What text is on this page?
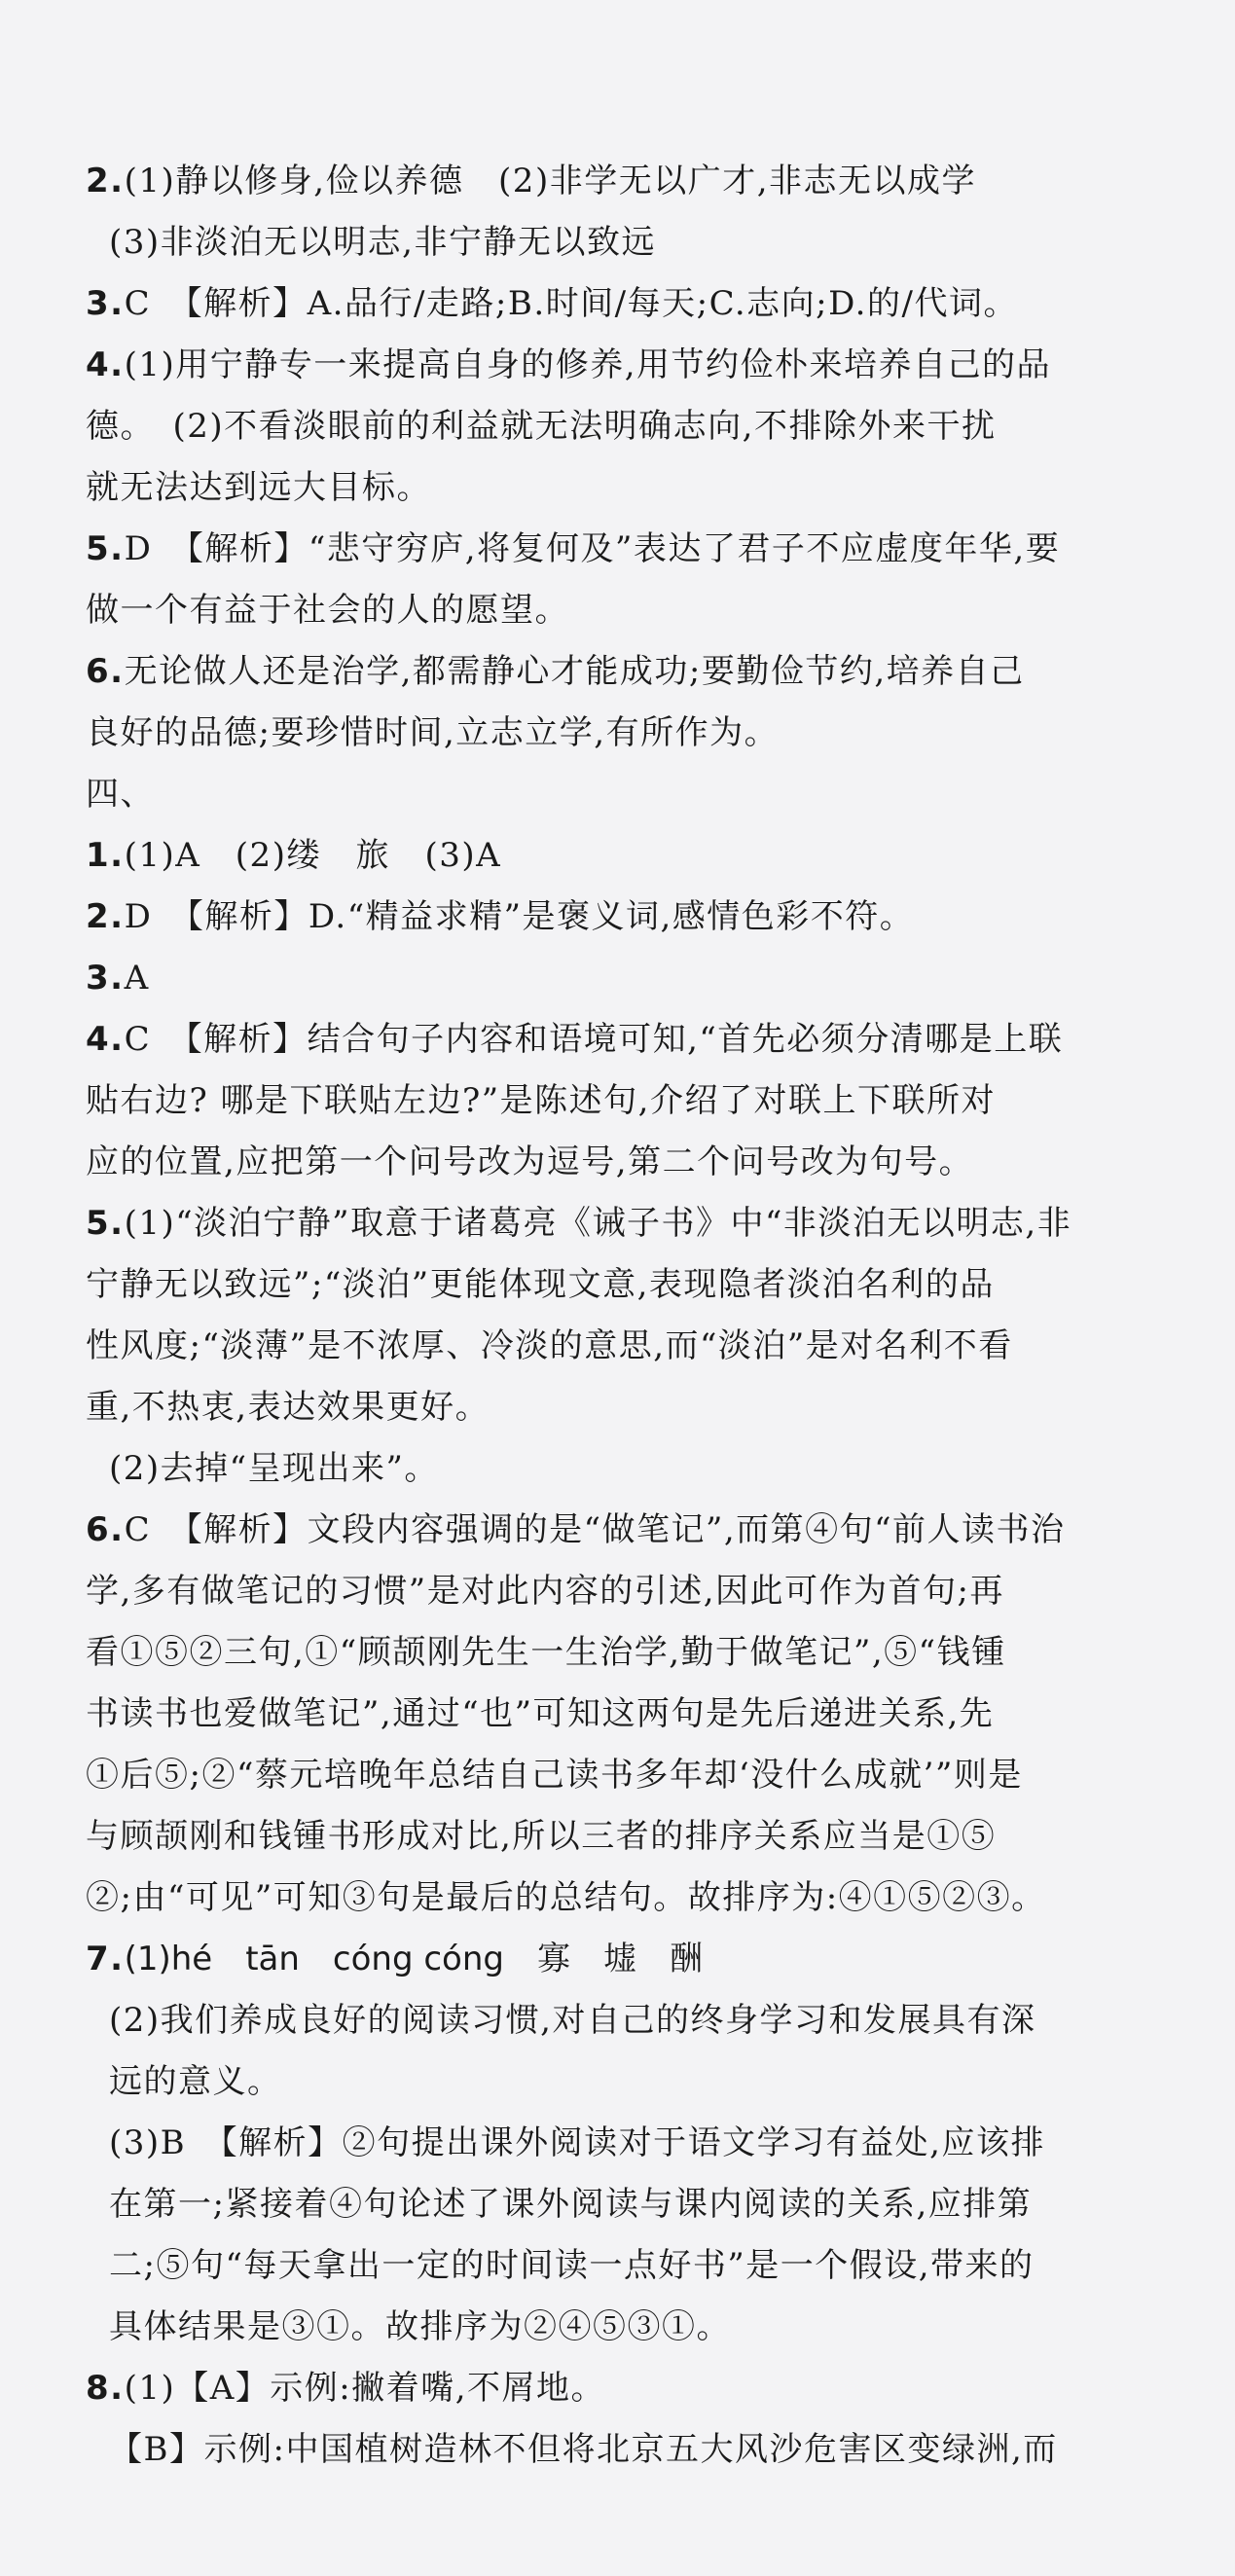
2.(1)静以修身,俭以养德　(2)非学无以广才,非志无以成学
(3)非淡泊无以明志,非宁静无以致远
3.C　【解析】A.品行/走路;B.时间/每天;C.志向;D.的/代词。
4.(1)用宁静专一来提高自身的修养,用节约俭朴来培养自己的品
德。　(2)不看淡眼前的利益就无法明确志向,不排除外来干扰
就无法达到远大目标。
5.D　【解析】“悲守穷庐,将复何及”表达了君子不应虚度年华,要
做一个有益于社会的人的愿望。
6.无论做人还是治学,都需静心才能成功;要勤俭节约,培养自己
良好的品德;要珍惜时间,立志立学,有所作为。
四、
1.(1)A　(2)缕　旅　(3)A
2.D　【解析】D.“精益求精”是褒义词,感情色彩不符。
3.A
4.C　【解析】结合句子内容和语境可知,“首先必须分清哪是上联
贴右边? 哪是下联贴左边?”是陈述句,介绍了对联上下联所对
应的位置,应把第一个问号改为逗号,第二个问号改为句号。
5.(1)“淡泊宁静”取意于诸葛亮《诫子书》中“非淡泊无以明志,非
宁静无以致远”;“淡泊”更能体现文意,表现隐者淡泊名利的品
性风度;“淡薄”是不浓厚、冷淡的意思,而“淡泊”是对名利不看
重,不热衷,表达效果更好。
(2)去掉“呈现出来”。
6.C　【解析】文段内容强调的是“做笔记”,而第④句“前人读书治
学,多有做笔记的习惯”是对此内容的引述,因此可作为首句;再
看①⑤②三句,①“顾颉刚先生一生治学,勤于做笔记”,⑤“钱锺
书读书也爱做笔记”,通过“也”可知这两句是先后递进关系,先
①后⑤;②“蔡元培晚年总结自己读书多年却‘没什么成就’”则是
与顾颉刚和钱锺书形成对比,所以三者的排序关系应当是①⑤
②;由“可见”可知③句是最后的总结句。故排序为:④①⑤②③。
7.(1)hé　tān　cóng cóng　寡　墟　酬
(2)我们养成良好的阅读习惯,对自己的终身学习和发展具有深
远的意义。
(3)B　【解析】②句提出课外阅读对于语文学习有益处,应该排
在第一;紧接着④句论述了课外阅读与课内阅读的关系,应排第
二;⑤句“每天拿出一定的时间读一点好书”是一个假设,带来的
具体结果是③①。故排序为②④⑤③①。
8.(1)【A】示例:撇着嘴,不屑地。
【B】示例:中国植树造林不但将北京五大风沙危害区变绿洲,而
